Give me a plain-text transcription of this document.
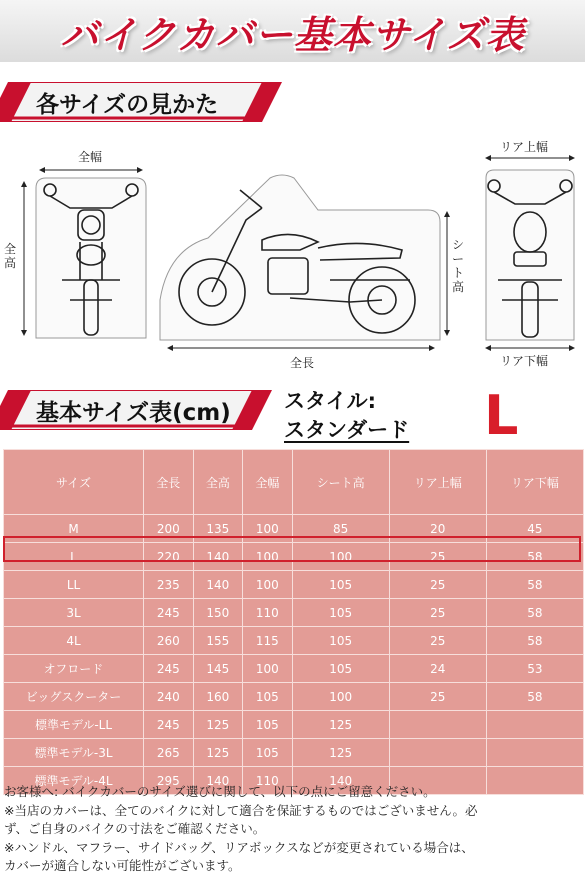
バイクカバー基本サイズ表
各サイズの見かた
全幅
全高
全長
シート高
リア上幅
リア下幅
基本サイズ表(cm)	スタイル:
スタンダード L
サイズ	全長	全高	全幅	シート高	リア上幅	リア下幅
M	200	135	100	85	20	45
L	220	140	100	100	25	58
LL	235	140	100	105	25	58
3L	245	150	110	105	25	58
4L	260	155	115	105	25	58
オフロード	245	145	100	105	24	53
ビッグスクーター	240	160	105	100	25	58
標準モデル-LL	245	125	105	125		
標準モデル-3L	265	125	105	125		
標準モデル-4L	295	140	110	140		

お客様へ: バイクカバーのサイズ選びに関して、以下の点にご留意ください。

※当店のカバーは、全てのバイクに対して適合を保証するものではございません。必

ず、ご自身のバイクの寸法をご確認ください。

※ハンドル、マフラー、サイドバッグ、リアボックスなどが変更されている場合は、

カバーが適合しない可能性がございます。
